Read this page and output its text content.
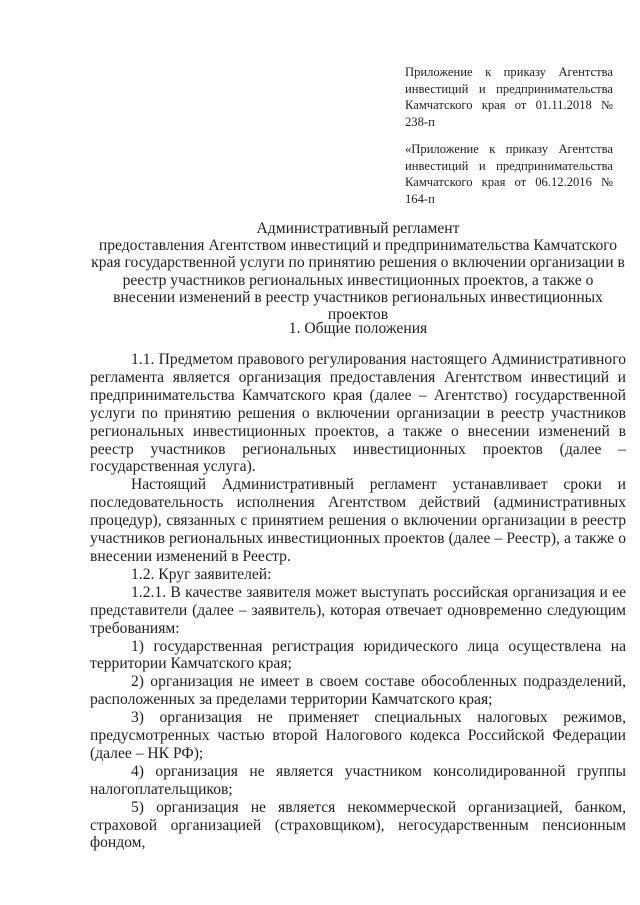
Приложение к приказу Агентства инвестиций и предпринимательства Камчатского края от 01.11.2018 № 238-п

«Приложение к приказу Агентства инвестиций и предпринимательства Камчатского края от 06.12.2016 № 164-п

Административный регламент

предоставления Агентством инвестиций и предпринимательства Камчатского края государственной услуги по принятию решения о включении организации в реестр участников региональных инвестиционных проектов, а также о внесении изменений в реестр участников региональных инвестиционных проектов

1. Общие положения

1.1. Предметом правового регулирования настоящего Административного регламента является организация предоставления Агентством инвестиций и предпринимательства Камчатского края (далее – Агентство) государственной услуги по принятию решения о включении организации в реестр участников региональных инвестиционных проектов, а также о внесении изменений в реестр участников региональных инвестиционных проектов (далее – государственная услуга).

Настоящий Административный регламент устанавливает сроки и последовательность исполнения Агентством действий (административных процедур), связанных с принятием решения о включении организации в реестр участников региональных инвестиционных проектов (далее – Реестр), а также о внесении изменений в Реестр.

1.2. Круг заявителей:

1.2.1. В качестве заявителя может выступать российская организация и ее представители (далее – заявитель), которая отвечает одновременно следующим требованиям:

1) государственная регистрация юридического лица осуществлена на территории Камчатского края;

2) организация не имеет в своем составе обособленных подразделений, расположенных за пределами территории Камчатского края;

3) организация не применяет специальных налоговых режимов, предусмотренных частью второй Налогового кодекса Российской Федерации (далее – НК РФ);

4) организация не является участником консолидированной группы налогоплательщиков;

5) организация не является некоммерческой организацией, банком, страховой организацией (страховщиком), негосударственным пенсионным фондом,
